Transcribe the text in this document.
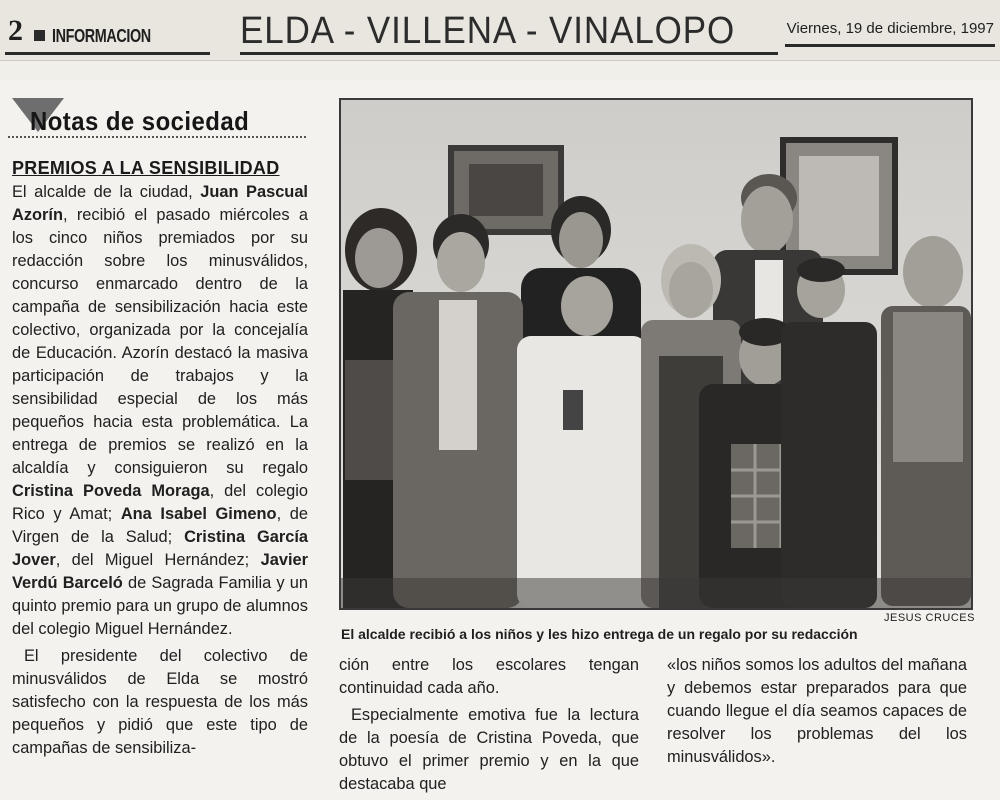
2 INFORMACION ELDA - VILLENA - VINALOPO	Viernes, 19 de diciembre, 1997
Notas de sociedad
PREMIOS A LA SENSIBILIDAD

El alcalde de la ciudad, Juan Pascual Azorín, recibió el pasado miércoles a los cinco niños premiados por su redacción sobre los minusválidos, concurso enmarcado dentro de la campaña de sensibilización hacia este colectivo, organizada por la concejalía de Educación. Azorín destacó la masiva participación de trabajos y la sensibilidad especial de los más pequeños hacia esta problemática. La entrega de premios se realizó en la alcaldía y consiguieron su regalo Cristina Poveda Moraga, del colegio Rico y Amat; Ana Isabel Gimeno, de Virgen de la Salud; Cristina García Jover, del Miguel Hernández; Javier Verdú Barceló de Sagrada Familia y un quinto premio para un grupo de alumnos del colegio Miguel Hernández.

El presidente del colectivo de minusválidos de Elda se mostró satisfecho con la respuesta de los más pequeños y pidió que este tipo de campañas de sensibiliza-

JESUS CRUCES
El alcalde recibió a los niños y les hizo entrega de un regalo por su redacción

ción entre los escolares tengan continuidad cada año.

Especialmente emotiva fue la lectura de la poesía de Cristina Poveda, que obtuvo el primer premio y en la que destacaba que

«los niños somos los adultos del mañana y debemos estar preparados para que cuando llegue el día seamos capaces de resolver los problemas del los minusválidos».
